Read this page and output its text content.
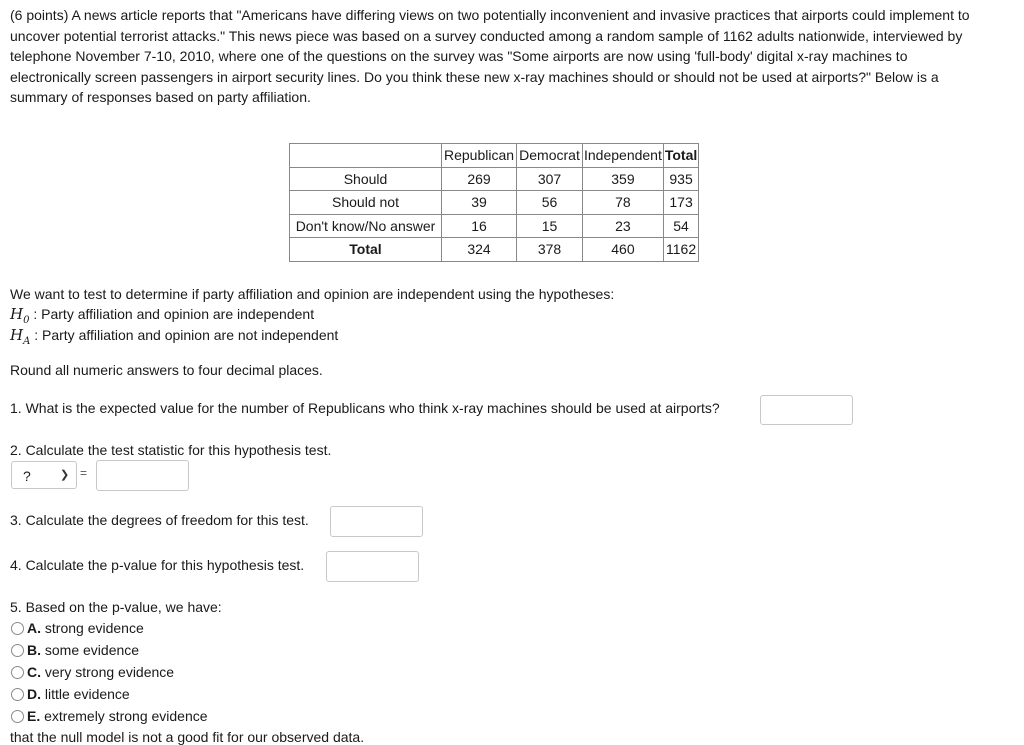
(6 points) A news article reports that "Americans have differing views on two potentially inconvenient and invasive practices that airports could implement to uncover potential terrorist attacks." This news piece was based on a survey conducted among a random sample of 1162 adults nationwide, interviewed by telephone November 7-10, 2010, where one of the questions on the survey was "Some airports are now using 'full-body' digital x-ray machines to electronically screen passengers in airport security lines. Do you think these new x-ray machines should or should not be used at airports?" Below is a summary of responses based on party affiliation.
	Republican	Democrat	Independent	Total
Should	269	307	359	935
Should not	39	56	78	173
Don't know/No answer	16	15	23	54
Total	324	378	460	1162
We want to test to determine if party affiliation and opinion are independent using the hypotheses:
$H_0$ : Party affiliation and opinion are independent
$H_A$ : Party affiliation and opinion are not independent
Round all numeric answers to four decimal places.
1. What is the expected value for the number of Republicans who think x-ray machines should be used at airports?
2. Calculate the test statistic for this hypothesis test.
?	❯ =
3. Calculate the degrees of freedom for this test.
4. Calculate the p-value for this hypothesis test.
5. Based on the p-value, we have:
A. strong evidence
B. some evidence
C. very strong evidence
D. little evidence
E. extremely strong evidence
that the null model is not a good fit for our observed data.
